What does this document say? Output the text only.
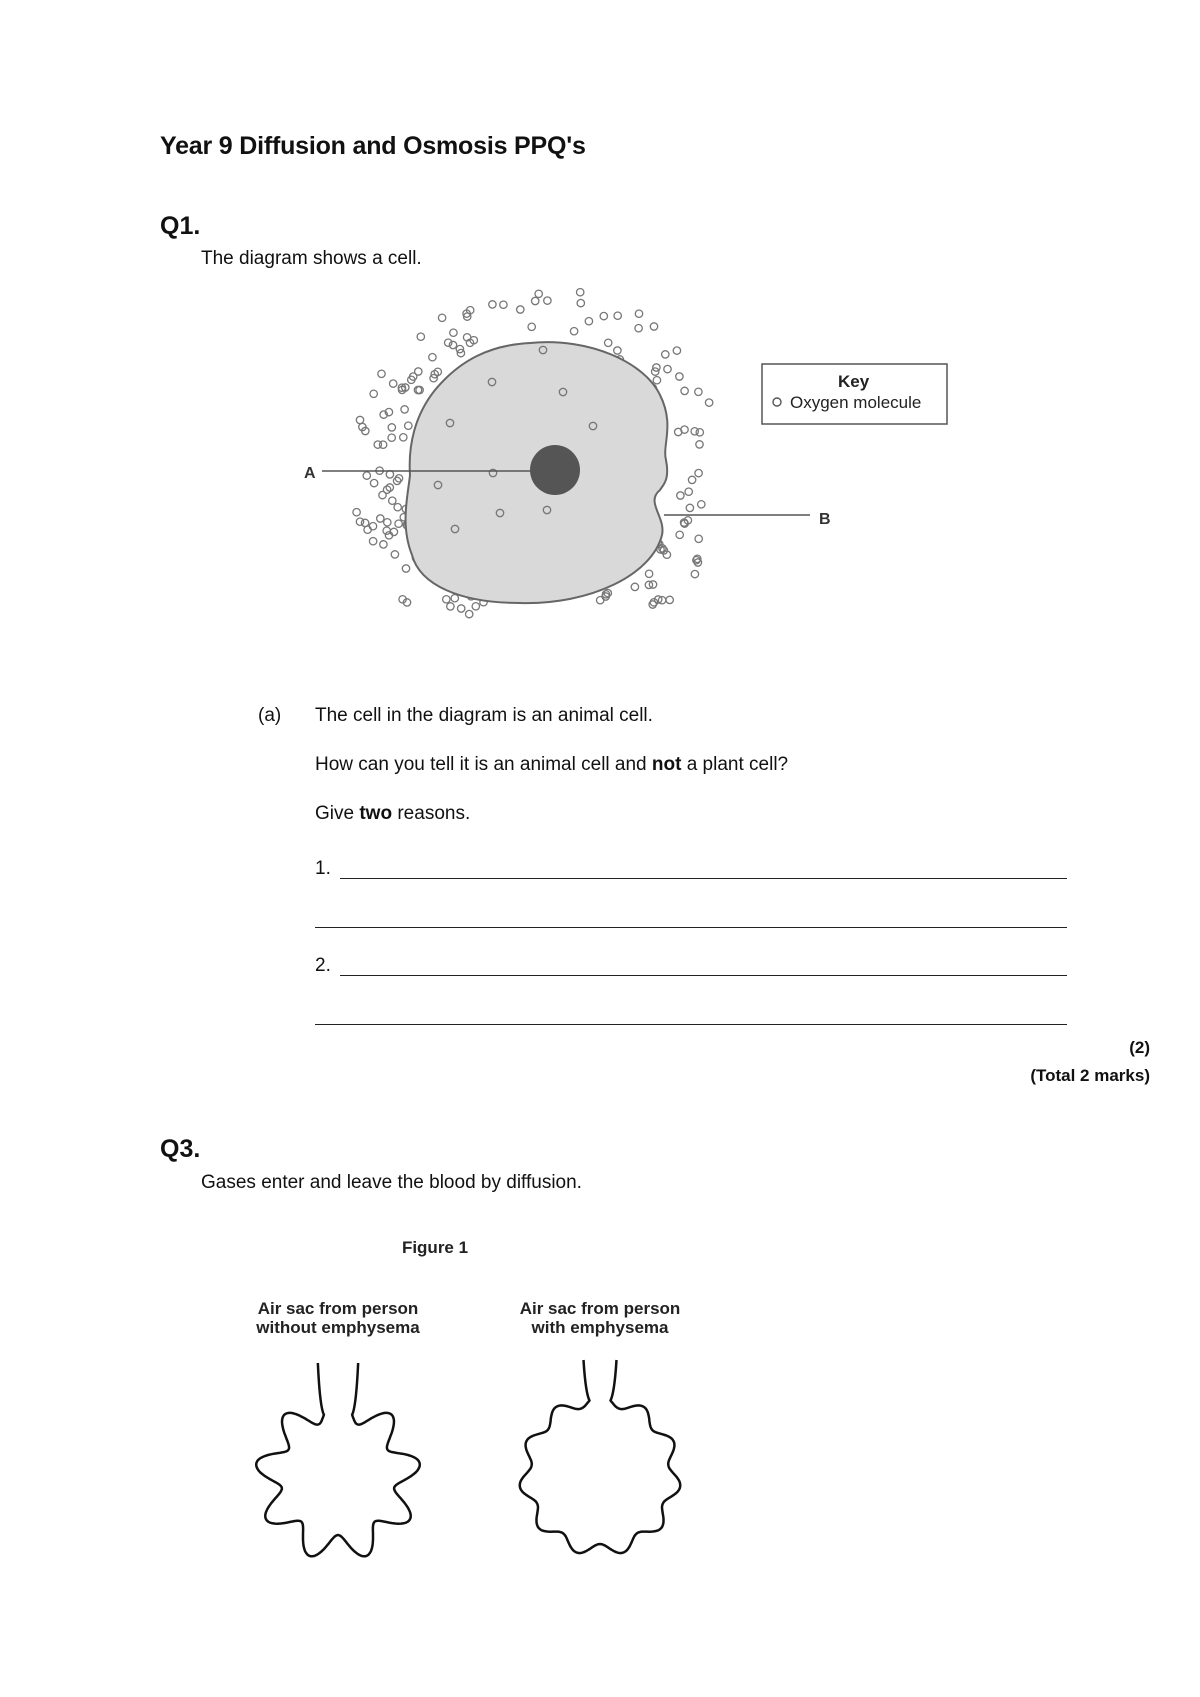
Year 9 Diffusion and Osmosis PPQ's
Q1.
The diagram shows a cell.
A
Key
Oxygen molecule
B
(a) The cell in the diagram is an animal cell.
How can you tell it is an animal cell and not a plant cell?
Give two reasons.
1.
2.
(2)
(Total 2 marks)
Q3.
Gases enter and leave the blood by diffusion.
Figure 1
Air sac from person
without emphysema
Air sac from person
with emphysema
